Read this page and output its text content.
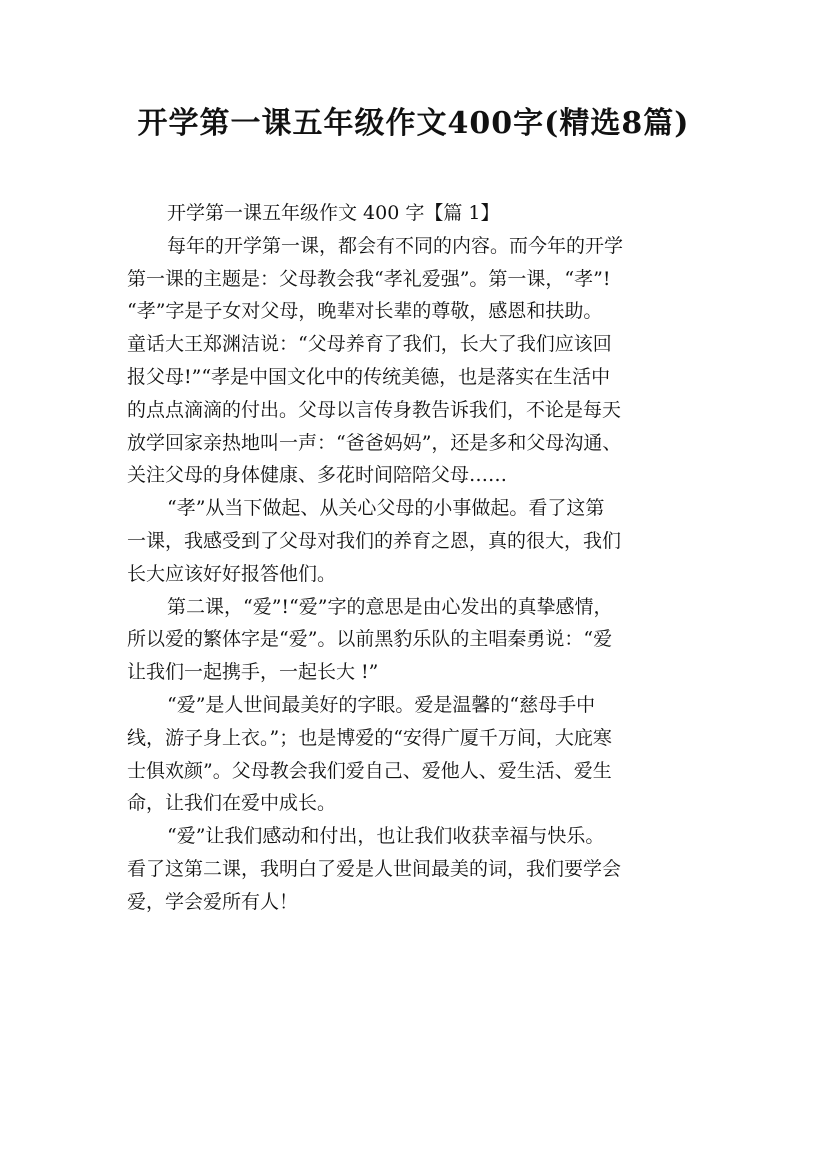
开学第一课五年级作文400字(精选8篇)
开学第一课五年级作文 400 字【篇 1】

每年的开学第一课，都会有不同的内容。而今年的开学
第一课的主题是：父母教会我“孝礼爱强”。第一课，“孝”!
“孝”字是子女对父母，晚辈对长辈的尊敬，感恩和扶助。
童话大王郑渊洁说：“父母养育了我们，长大了我们应该回
报父母!”“孝是中国文化中的传统美德，也是落实在生活中
的点点滴滴的付出。父母以言传身教告诉我们，不论是每天
放学回家亲热地叫一声：“爸爸妈妈”，还是多和父母沟通、
关注父母的身体健康、多花时间陪陪父母……

“孝”从当下做起、从关心父母的小事做起。看了这第
一课，我感受到了父母对我们的养育之恩，真的很大，我们
长大应该好好报答他们。

第二课，“爱”!“爱”字的意思是由心发出的真挚感情，
所以爱的繁体字是“爱”。以前黑豹乐队的主唱秦勇说：“爱
让我们一起携手，一起长大 !”

“爱”是人世间最美好的字眼。爱是温馨的“慈母手中
线，游子身上衣。”；也是博爱的“安得广厦千万间，大庇寒
士俱欢颜”。父母教会我们爱自己、爱他人、爱生活、爱生
命，让我们在爱中成长。

“爱”让我们感动和付出，也让我们收获幸福与快乐。
看了这第二课，我明白了爱是人世间最美的词，我们要学会
爱，学会爱所有人！
